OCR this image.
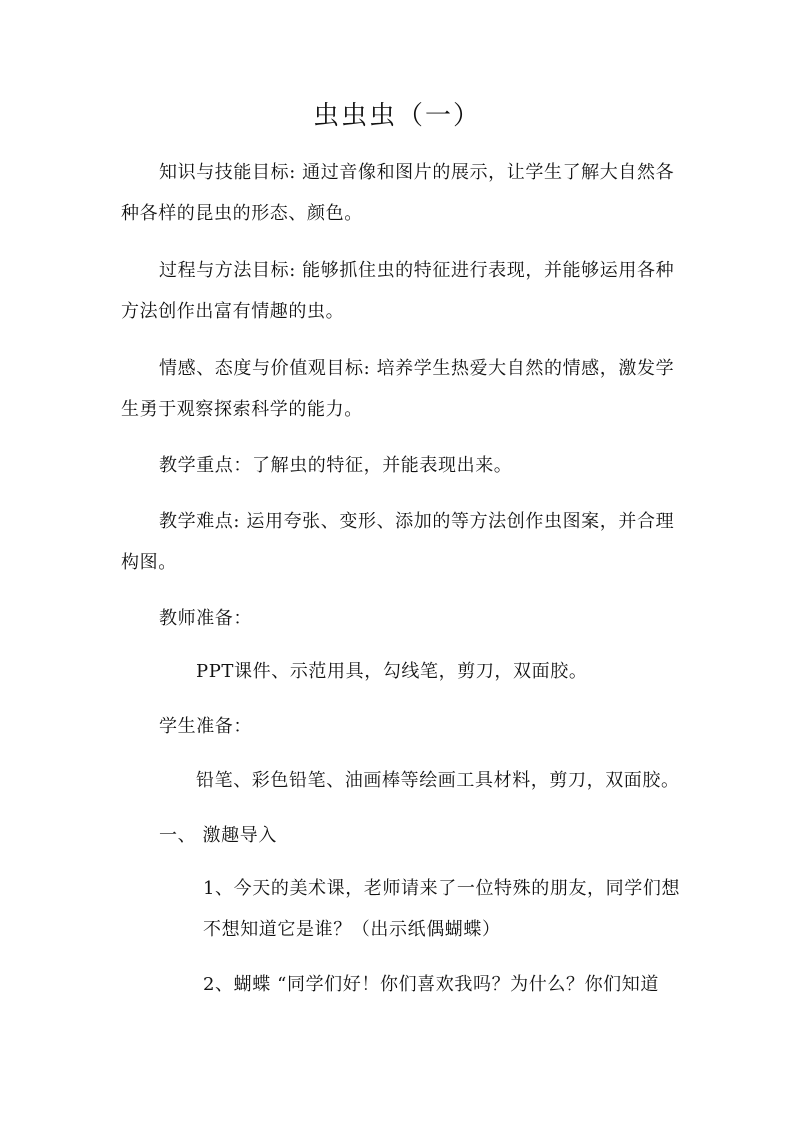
虫虫虫（一）
知识与技能目标: 通过音像和图片的展示，让学生了解大自然各
种各样的昆虫的形态、颜色。
过程与方法目标: 能够抓住虫的特征进行表现，并能够运用各种
方法创作出富有情趣的虫。
情感、态度与价值观目标: 培养学生热爱大自然的情感，激发学
生勇于观察探索科学的能力。
教学重点：了解虫的特征，并能表现出来。
教学难点: 运用夸张、变形、添加的等方法创作虫图案，并合理
构图。
教师准备：
PPT课件、示范用具，勾线笔，剪刀，双面胶。
学生准备：
铅笔、彩色铅笔、油画棒等绘画工具材料，剪刀，双面胶。
一、 激趣导入
1、今天的美术课，老师请来了一位特殊的朋友，同学们想
不想知道它是谁？（出示纸偶蝴蝶）
2、蝴蝶 “同学们好！你们喜欢我吗？为什么？你们知道
